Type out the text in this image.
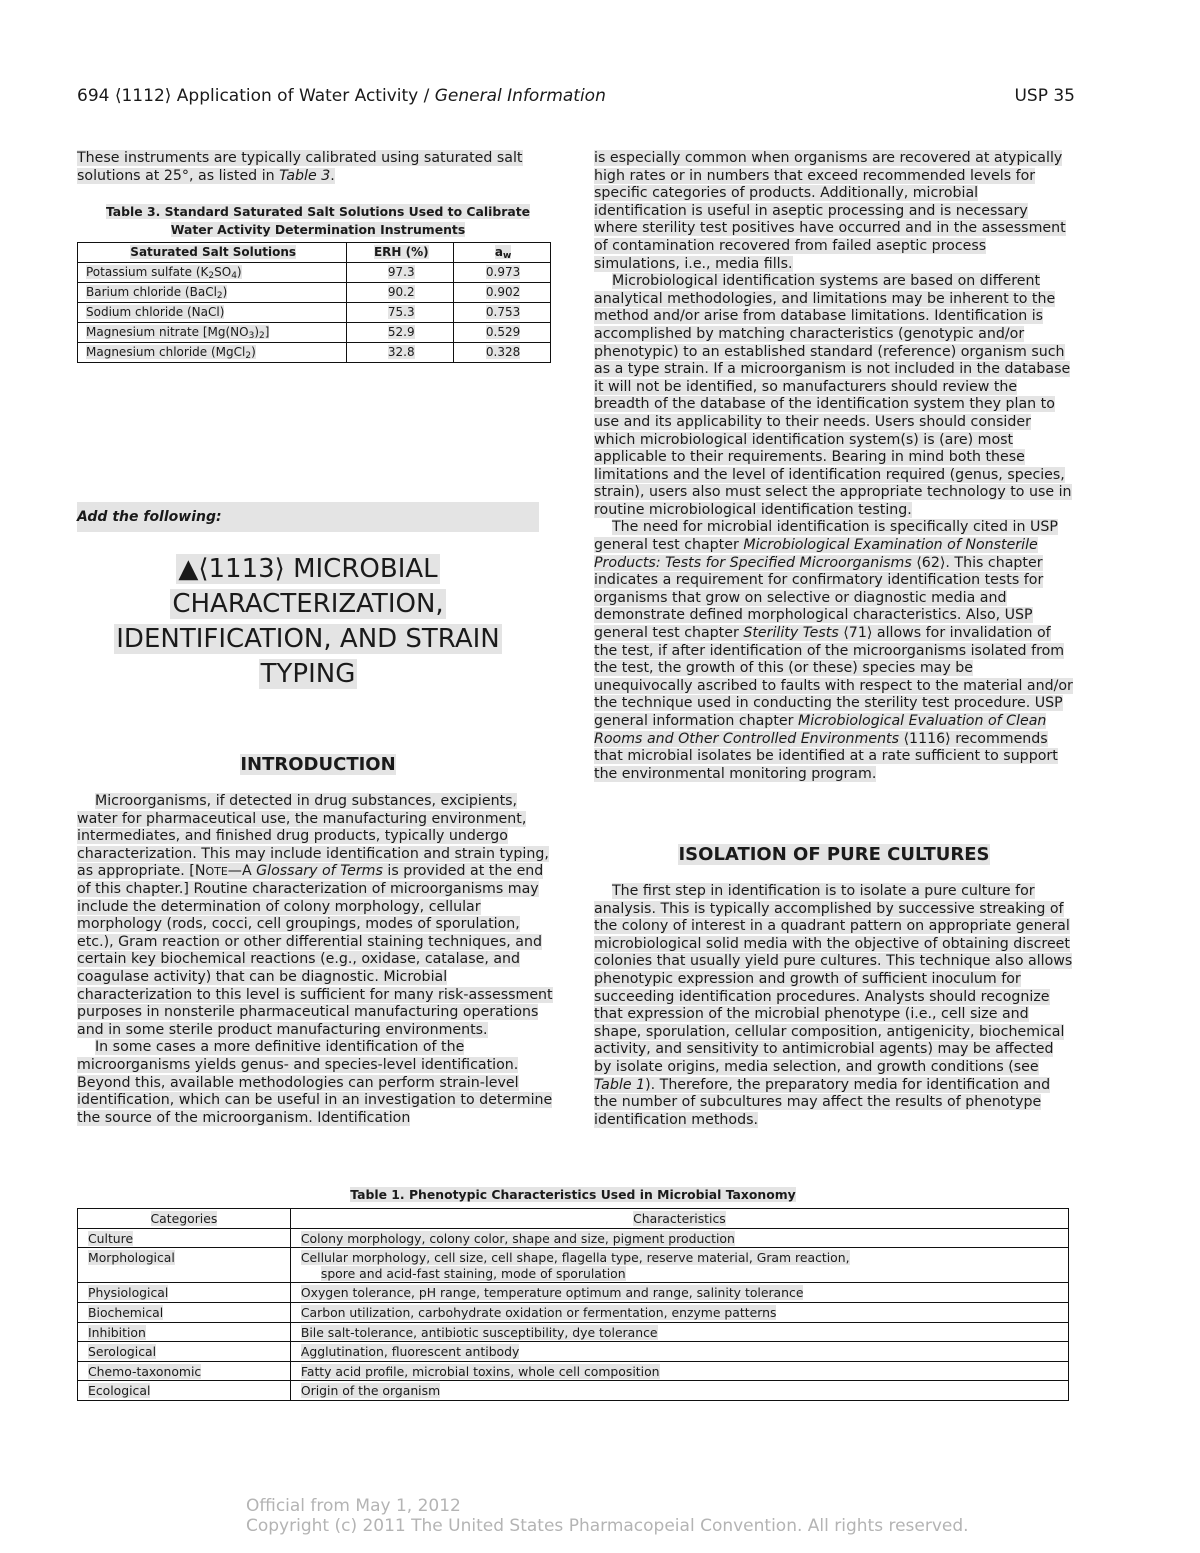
694 ⟨1112⟩ Application of Water Activity / General Information	USP 35

These instruments are typically calibrated using saturated salt solutions at 25°, as listed in Table 3.

Table 3. Standard Saturated Salt Solutions Used to Calibrate
Water Activity Determination Instruments
Saturated Salt Solutions	ERH (%)	$a_w$
Potassium sulfate $(K_2SO_4)$	97.3	0.973
Barium chloride (BaCl$_2$)	90.2	0.902
Sodium chloride (NaCl)	75.3	0.753
Magnesium nitrate $[Mg(NO_3)_2]$	52.9	0.529
Magnesium chloride (MgCl$_2$)	32.8	0.328
Add the following:
▲⟨1113⟩ MICROBIAL
CHARACTERIZATION,
IDENTIFICATION, AND STRAIN
TYPING
INTRODUCTION

Microorganisms, if detected in drug substances, excipients, water for pharmaceutical use, the manufacturing environment, intermediates, and finished drug products, typically undergo characterization. This may include identification and strain typing, as appropriate. [NOTE—A Glossary of Terms is provided at the end of this chapter.] Routine characterization of microorganisms may include the determination of colony morphology, cellular morphology (rods, cocci, cell groupings, modes of sporulation, etc.), Gram reaction or other differential staining techniques, and certain key biochemical reactions (e.g., oxidase, catalase, and coagulase activity) that can be diagnostic. Microbial characterization to this level is sufficient for many risk-assessment purposes in nonsterile pharmaceutical manufacturing operations and in some sterile product manufacturing environments.

In some cases a more definitive identification of the microorganisms yields genus- and species-level identification. Beyond this, available methodologies can perform strain-level identification, which can be useful in an investigation to determine the source of the microorganism. Identification

is especially common when organisms are recovered at atypically high rates or in numbers that exceed recommended levels for specific categories of products. Additionally, microbial identification is useful in aseptic processing and is necessary where sterility test positives have occurred and in the assessment of contamination recovered from failed aseptic process simulations, i.e., media fills.

Microbiological identification systems are based on different analytical methodologies, and limitations may be inherent to the method and/or arise from database limitations. Identification is accomplished by matching characteristics (genotypic and/or phenotypic) to an established standard (reference) organism such as a type strain. If a microorganism is not included in the database it will not be identified, so manufacturers should review the breadth of the database of the identification system they plan to use and its applicability to their needs. Users should consider which microbiological identification system(s) is (are) most applicable to their requirements. Bearing in mind both these limitations and the level of identification required (genus, species, strain), users also must select the appropriate technology to use in routine microbiological identification testing.

The need for microbial identification is specifically cited in USP general test chapter Microbiological Examination of Nonsterile Products: Tests for Specified Microorganisms ⟨62⟩. This chapter indicates a requirement for confirmatory identification tests for organisms that grow on selective or diagnostic media and demonstrate defined morphological characteristics. Also, USP general test chapter Sterility Tests ⟨71⟩ allows for invalidation of the test, if after identification of the microorganisms isolated from the test, the growth of this (or these) species may be unequivocally ascribed to faults with respect to the material and/or the technique used in conducting the sterility test procedure. USP general information chapter Microbiological Evaluation of Clean Rooms and Other Controlled Environments ⟨1116⟩ recommends that microbial isolates be identified at a rate sufficient to support the environmental monitoring program.

ISOLATION OF PURE CULTURES

The first step in identification is to isolate a pure culture for analysis. This is typically accomplished by successive streaking of the colony of interest in a quadrant pattern on appropriate general microbiological solid media with the objective of obtaining discreet colonies that usually yield pure cultures. This technique also allows phenotypic expression and growth of sufficient inoculum for succeeding identification procedures. Analysts should recognize that expression of the microbial phenotype (i.e., cell size and shape, sporulation, cellular composition, antigenicity, biochemical activity, and sensitivity to antimicrobial agents) may be affected by isolate origins, media selection, and growth conditions (see Table 1). Therefore, the preparatory media for identification and the number of subcultures may affect the results of phenotype identification methods.

Table 1. Phenotypic Characteristics Used in Microbial Taxonomy
Categories	Characteristics
Culture	Colony morphology, colony color, shape and size, pigment production
Morphological	Cellular morphology, cell size, cell shape, flagella type, reserve material, Gram reaction,
spore and acid-fast staining, mode of sporulation

Physiological	Oxygen tolerance, pH range, temperature optimum and range, salinity tolerance
Biochemical	Carbon utilization, carbohydrate oxidation or fermentation, enzyme patterns
Inhibition	Bile salt-tolerance, antibiotic susceptibility, dye tolerance
Serological	Agglutination, fluorescent antibody
Chemo-taxonomic	Fatty acid profile, microbial toxins, whole cell composition
Ecological	Origin of the organism
Official from May 1, 2012
Copyright (c) 2011 The United States Pharmacopeial Convention. All rights reserved.
